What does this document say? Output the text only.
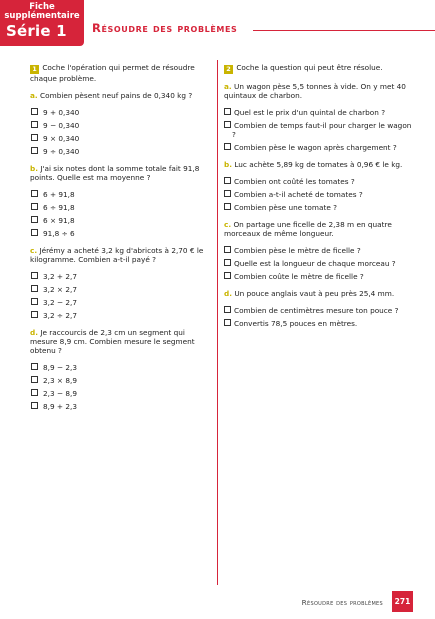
Fiche
supplémentaire
Série 1 Résoudre des problèmes
1 Coche l'opération qui permet de résoudre chaque problème.
a. Combien pèsent neuf pains de 0,340 kg ?
9 + 0,340
9 − 0,340
9 × 0,340
9 ÷ 0,340
b. J'ai six notes dont la somme totale fait 91,8 points. Quelle est ma moyenne ?
6 + 91,8
6 ÷ 91,8
6 × 91,8
91,8 ÷ 6
c. Jérémy a acheté 3,2 kg d'abricots à 2,70 € le kilogramme. Combien a-t-il payé ?
3,2 + 2,7
3,2 × 2,7
3,2 − 2,7
3,2 ÷ 2,7
d. Je raccourcis de 2,3 cm un segment qui mesure 8,9 cm. Combien mesure le segment obtenu ?
8,9 − 2,3
2,3 × 8,9
2,3 − 8,9
8,9 + 2,3
2 Coche la question qui peut être résolue.
a. Un wagon pèse 5,5 tonnes à vide. On y met 40 quintaux de charbon.
Quel est le prix d'un quintal de charbon ?
Combien de temps faut-il pour charger le wagon ?
Combien pèse le wagon après chargement ?
b. Luc achète 5,89 kg de tomates à 0,96 € le kg.
Combien ont coûté les tomates ?
Combien a-t-il acheté de tomates ?
Combien pèse une tomate ?
c. On partage une ficelle de 2,38 m en quatre morceaux de même longueur.
Combien pèse le mètre de ficelle ?
Quelle est la longueur de chaque morceau ?
Combien coûte le mètre de ficelle ?
d. Un pouce anglais vaut à peu près 25,4 mm.
Combien de centimètres mesure ton pouce ?
Convertis 78,5 pouces en mètres.
Résoudre des problèmes	271
